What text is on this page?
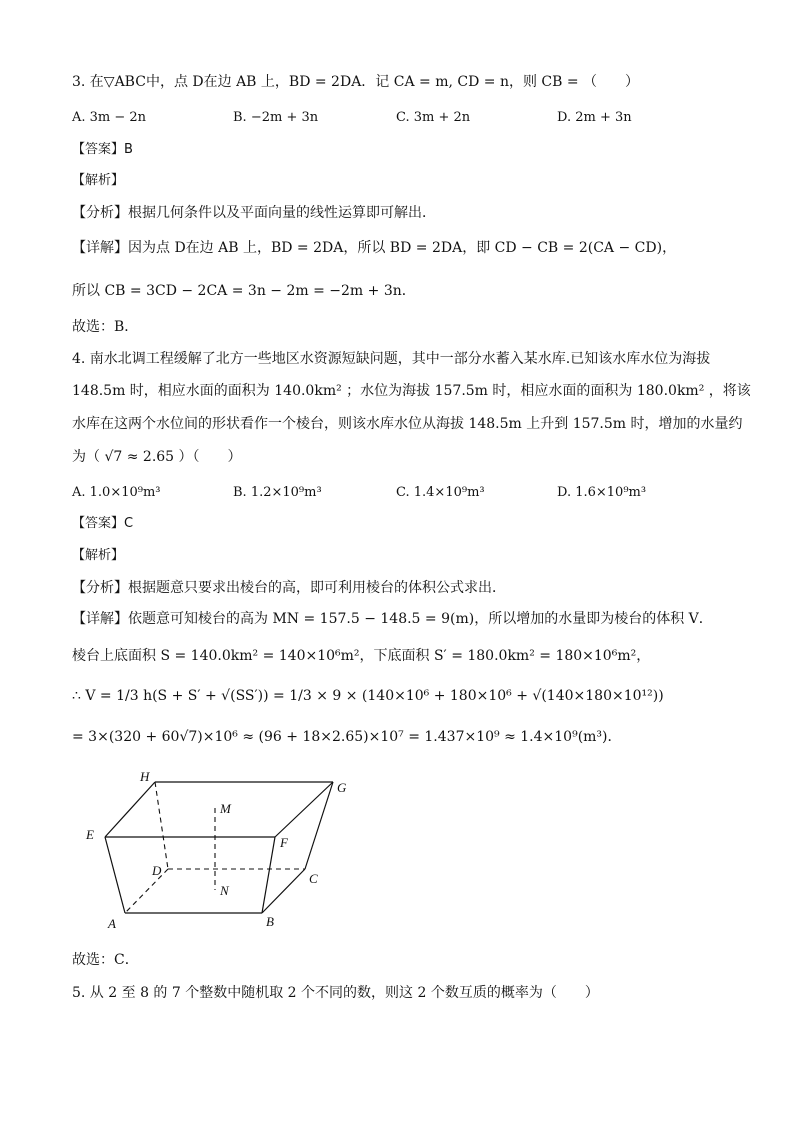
3. 在▽ABC中，点 D在边 AB 上，BD = 2DA．记 CA = m, CD = n，则 CB = （　　）
A. 3m − 2n	B. −2m + 3n	C. 3m + 2n	D. 2m + 3n
【答案】B
【解析】
【分析】根据几何条件以及平面向量的线性运算即可解出．
【详解】因为点 D在边 AB 上，BD = 2DA，所以 BD = 2DA，即 CD − CB = 2(CA − CD)，
所以 CB = 3CD − 2CA = 3n − 2m = −2m + 3n．
故选：B．
4. 南水北调工程缓解了北方一些地区水资源短缺问题，其中一部分水蓄入某水库.已知该水库水位为海拔
148.5m 时，相应水面的面积为 140.0km² ；水位为海拔 157.5m 时，相应水面的面积为 180.0km² ，将该
水库在这两个水位间的形状看作一个棱台，则该水库水位从海拔 148.5m 上升到 157.5m 时，增加的水量约
为（ √7 ≈ 2.65 ）（　　）
A. 1.0×10⁹m³	B. 1.2×10⁹m³	C. 1.4×10⁹m³	D. 1.6×10⁹m³
【答案】C
【解析】
【分析】根据题意只要求出棱台的高，即可利用棱台的体积公式求出．
【详解】依题意可知棱台的高为 MN = 157.5 − 148.5 = 9(m)，所以增加的水量即为棱台的体积 V．
棱台上底面积 S = 140.0km² = 140×10⁶m²，下底面积 S′ = 180.0km² = 180×10⁶m²，
∴ V = 1/3 h(S + S′ + √(SS′)) = 1/3 × 9 × (140×10⁶ + 180×10⁶ + √(140×180×10¹²))
= 3×(320 + 60√7)×10⁶ ≈ (96 + 18×2.65)×10⁷ = 1.437×10⁹ ≈ 1.4×10⁹(m³)．
H
G
M
E
F
D
C
N
A	B
故选：C．
5. 从 2 至 8 的 7 个整数中随机取 2 个不同的数，则这 2 个数互质的概率为（　　）
